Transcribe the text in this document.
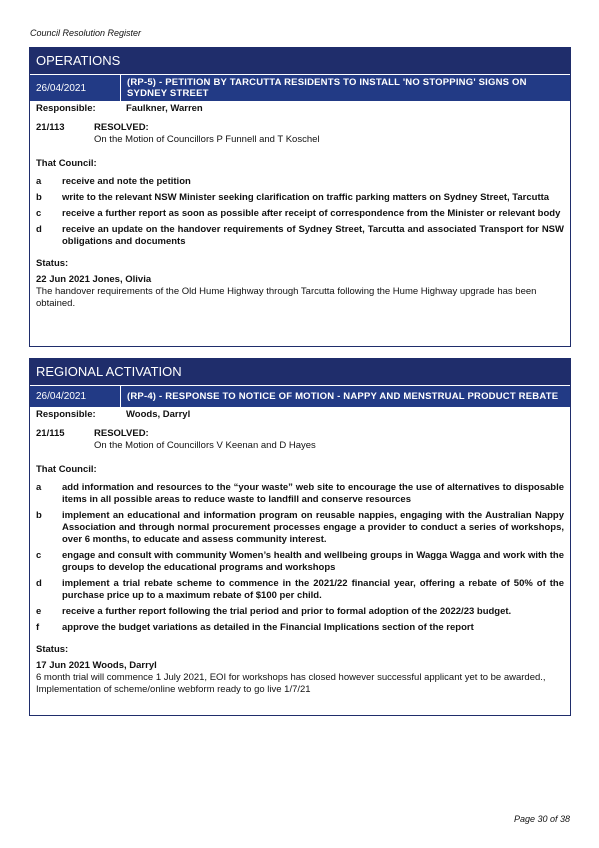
Council Resolution Register
OPERATIONS
26/04/2021	(RP-5) - PETITION BY TARCUTTA RESIDENTS TO INSTALL 'NO STOPPING' SIGNS ON SYDNEY STREET
Responsible:	Faulkner, Warren
21/113	RESOLVED:
On the Motion of Councillors P Funnell and T Koschel
That Council:
a	receive and note the petition
b	write to the relevant NSW Minister seeking clarification on traffic parking matters on Sydney Street, Tarcutta
c	receive a further report as soon as possible after receipt of correspondence from the Minister or relevant body
d	receive an update on the handover requirements of Sydney Street, Tarcutta and associated Transport for NSW obligations and documents
Status:
22 Jun 2021 Jones, Olivia
The handover requirements of the Old Hume Highway through Tarcutta following the Hume Highway upgrade has been obtained.
REGIONAL ACTIVATION
26/04/2021	(RP-4) - RESPONSE TO NOTICE OF MOTION - NAPPY AND MENSTRUAL PRODUCT REBATE
Responsible:	Woods, Darryl
21/115	RESOLVED:
On the Motion of Councillors V Keenan and D Hayes
That Council:
a	add information and resources to the “your waste” web site to encourage the use of alternatives to disposable items in all possible areas to reduce waste to landfill and conserve resources
b	implement an educational and information program on reusable nappies, engaging with the Australian Nappy Association and through normal procurement processes engage a provider to conduct a series of workshops, over 6 months, to educate and assess community interest.
c	engage and consult with community Women’s health and wellbeing groups in Wagga Wagga and work with the groups to develop the educational programs and workshops
d	implement a trial rebate scheme to commence in the 2021/22 financial year, offering a rebate of 50% of the purchase price up to a maximum rebate of $100 per child.
e	receive a further report following the trial period and prior to formal adoption of the 2022/23 budget.
f	approve the budget variations as detailed in the Financial Implications section of the report
Status:
17 Jun 2021 Woods, Darryl
6 month trial will commence 1 July 2021, EOI for workshops has closed however successful applicant yet to be awarded., Implementation of scheme/online webform ready to go live 1/7/21
Page 30 of 38
